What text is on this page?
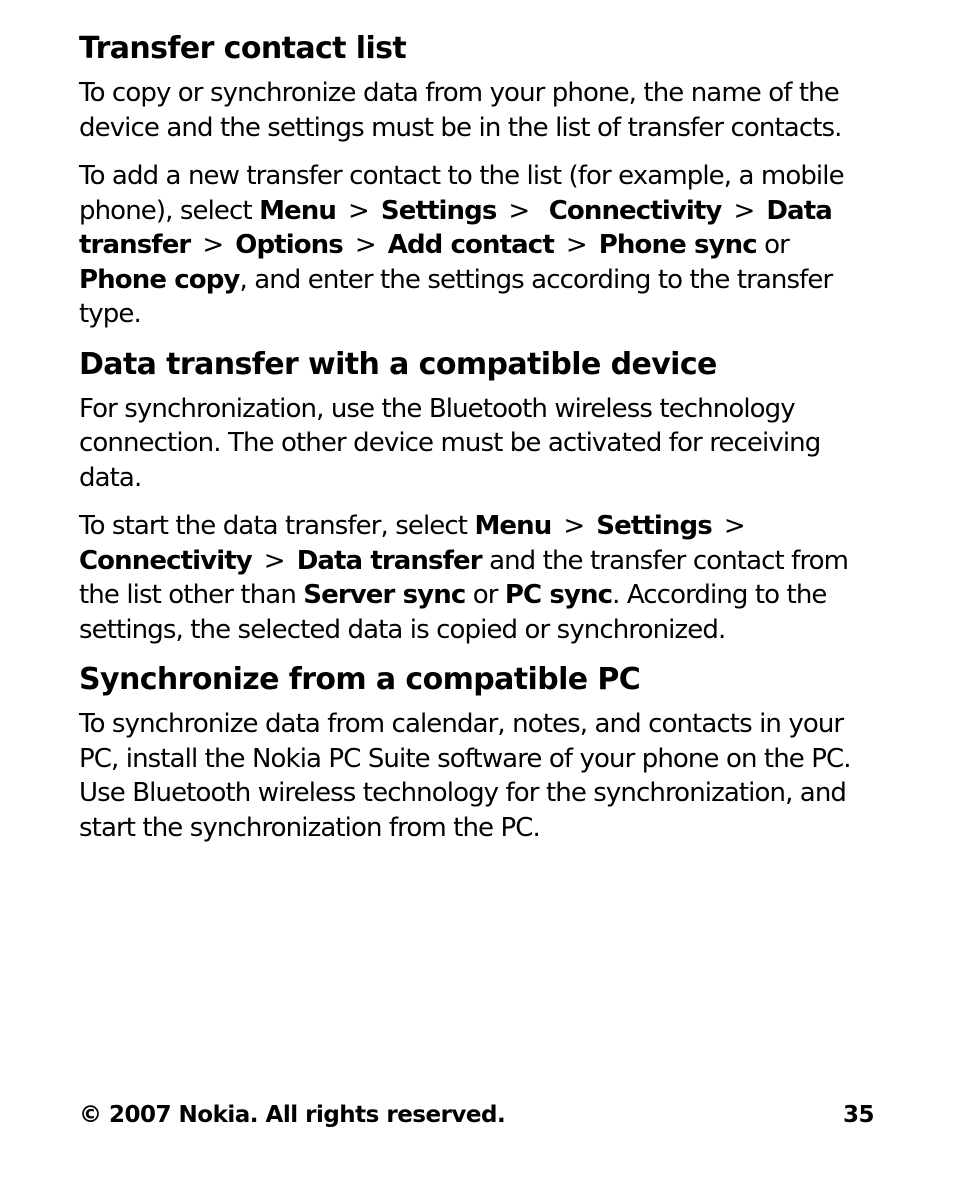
Transfer contact list

To copy or synchronize data from your phone, the name of the device and the settings must be in the list of transfer contacts.

To add a new transfer contact to the list (for example, a mobile phone), select Menu > Settings > Connectivity > Data transfer > Options > Add contact > Phone sync or Phone copy, and enter the settings according to the transfer type.

Data transfer with a compatible device

For synchronization, use the Bluetooth wireless technology connection. The other device must be activated for receiving data.

To start the data transfer, select Menu > Settings > Connectivity > Data transfer and the transfer contact from the list other than Server sync or PC sync. According to the settings, the selected data is copied or synchronized.

Synchronize from a compatible PC

To synchronize data from calendar, notes, and contacts in your PC, install the Nokia PC Suite software of your phone on the PC. Use Bluetooth wireless technology for the synchronization, and start the synchronization from the PC.

© 2007 Nokia. All rights reserved.	35
